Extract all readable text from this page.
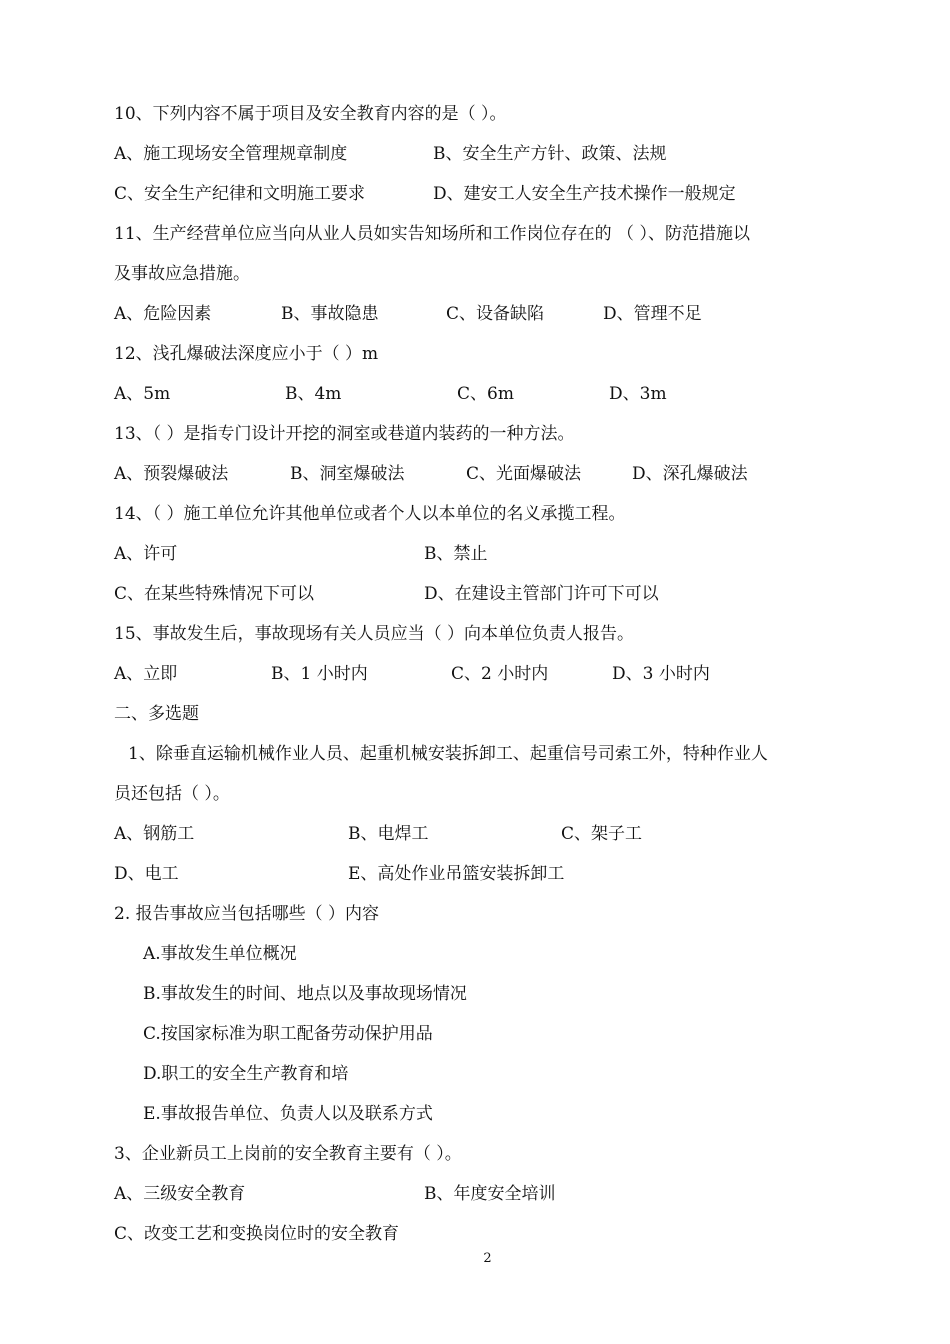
10、下列内容不属于项目及安全教育内容的是（ ）。
A、施工现场安全管理规章制度	B、安全生产方针、政策、法规
C、安全生产纪律和文明施工要求	D、建安工人安全生产技术操作一般规定
11、生产经营单位应当向从业人员如实告知场所和工作岗位存在的 （ ）、防范措施以
及事故应急措施。
A、危险因素	B、事故隐患	C、设备缺陷	D、管理不足
12、浅孔爆破法深度应小于（ ）m
A、5m	B、4m	C、6m	D、3m
13、（ ）是指专门设计开挖的洞室或巷道内装药的一种方法。
A、预裂爆破法	B、洞室爆破法	C、光面爆破法	D、深孔爆破法
14、（ ）施工单位允许其他单位或者个人以本单位的名义承揽工程。
A、许可	B、禁止
C、在某些特殊情况下可以	D、在建设主管部门许可下可以
15、事故发生后，事故现场有关人员应当（ ）向本单位负责人报告。
A、立即	B、1 小时内	C、2 小时内	D、3 小时内
二、多选题
1、除垂直运输机械作业人员、起重机械安装拆卸工、起重信号司索工外，特种作业人
员还包括（ ）。
A、钢筋工	B、电焊工	C、架子工
D、电工	E、高处作业吊篮安装拆卸工
2. 报告事故应当包括哪些（ ）内容
A.事故发生单位概况
B.事故发生的时间、地点以及事故现场情况
C.按国家标准为职工配备劳动保护用品
D.职工的安全生产教育和培
E.事故报告单位、负责人以及联系方式
3、企业新员工上岗前的安全教育主要有（ ）。
A、三级安全教育	B、年度安全培训
C、改变工艺和变换岗位时的安全教育
2
